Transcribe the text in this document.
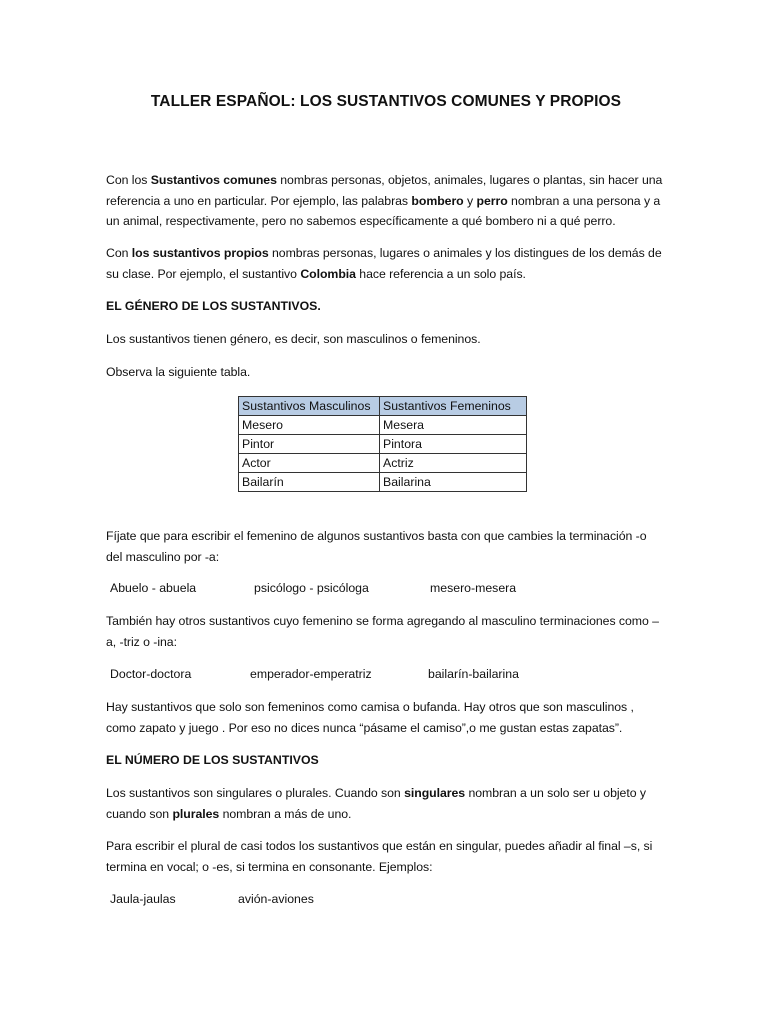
TALLER ESPAÑOL: LOS SUSTANTIVOS COMUNES Y PROPIOS

Con los Sustantivos comunes nombras personas, objetos, animales, lugares o plantas, sin hacer una referencia a uno en particular. Por ejemplo, las palabras bombero y perro nombran a una persona y a un animal, respectivamente, pero no sabemos específicamente a qué bombero ni a qué perro.

Con los sustantivos propios nombras personas, lugares o animales y los distingues de los demás de su clase. Por ejemplo, el sustantivo Colombia hace referencia a un solo país.

EL GÉNERO DE LOS SUSTANTIVOS.

Los sustantivos tienen género, es decir, son masculinos o femeninos.

Observa la siguiente tabla.

Sustantivos Masculinos	Sustantivos Femeninos
Mesero	Mesera
Pintor	Pintora
Actor	Actriz
Bailarín	Bailarina

Fíjate que para escribir el femenino de algunos sustantivos basta con que cambies la terminación -o del masculino por -a:

Abuelo - abuela	psicólogo - psicóloga	mesero-mesera

También hay otros sustantivos cuyo femenino se forma agregando al masculino terminaciones como –a, -triz o -ina:

Doctor-doctora	emperador-emperatriz	bailarín-bailarina

Hay sustantivos que solo son femeninos como camisa o bufanda. Hay otros que son masculinos , como zapato y juego . Por eso no dices nunca “pásame el camiso”,o me gustan estas zapatas”.

EL NÚMERO DE LOS SUSTANTIVOS

Los sustantivos son singulares o plurales. Cuando son singulares nombran a un solo ser u objeto y cuando son plurales nombran a más de uno.

Para escribir el plural de casi todos los sustantivos que están en singular, puedes añadir al final –s, si termina en vocal; o -es, si termina en consonante. Ejemplos:

Jaula-jaulas	avión-aviones
